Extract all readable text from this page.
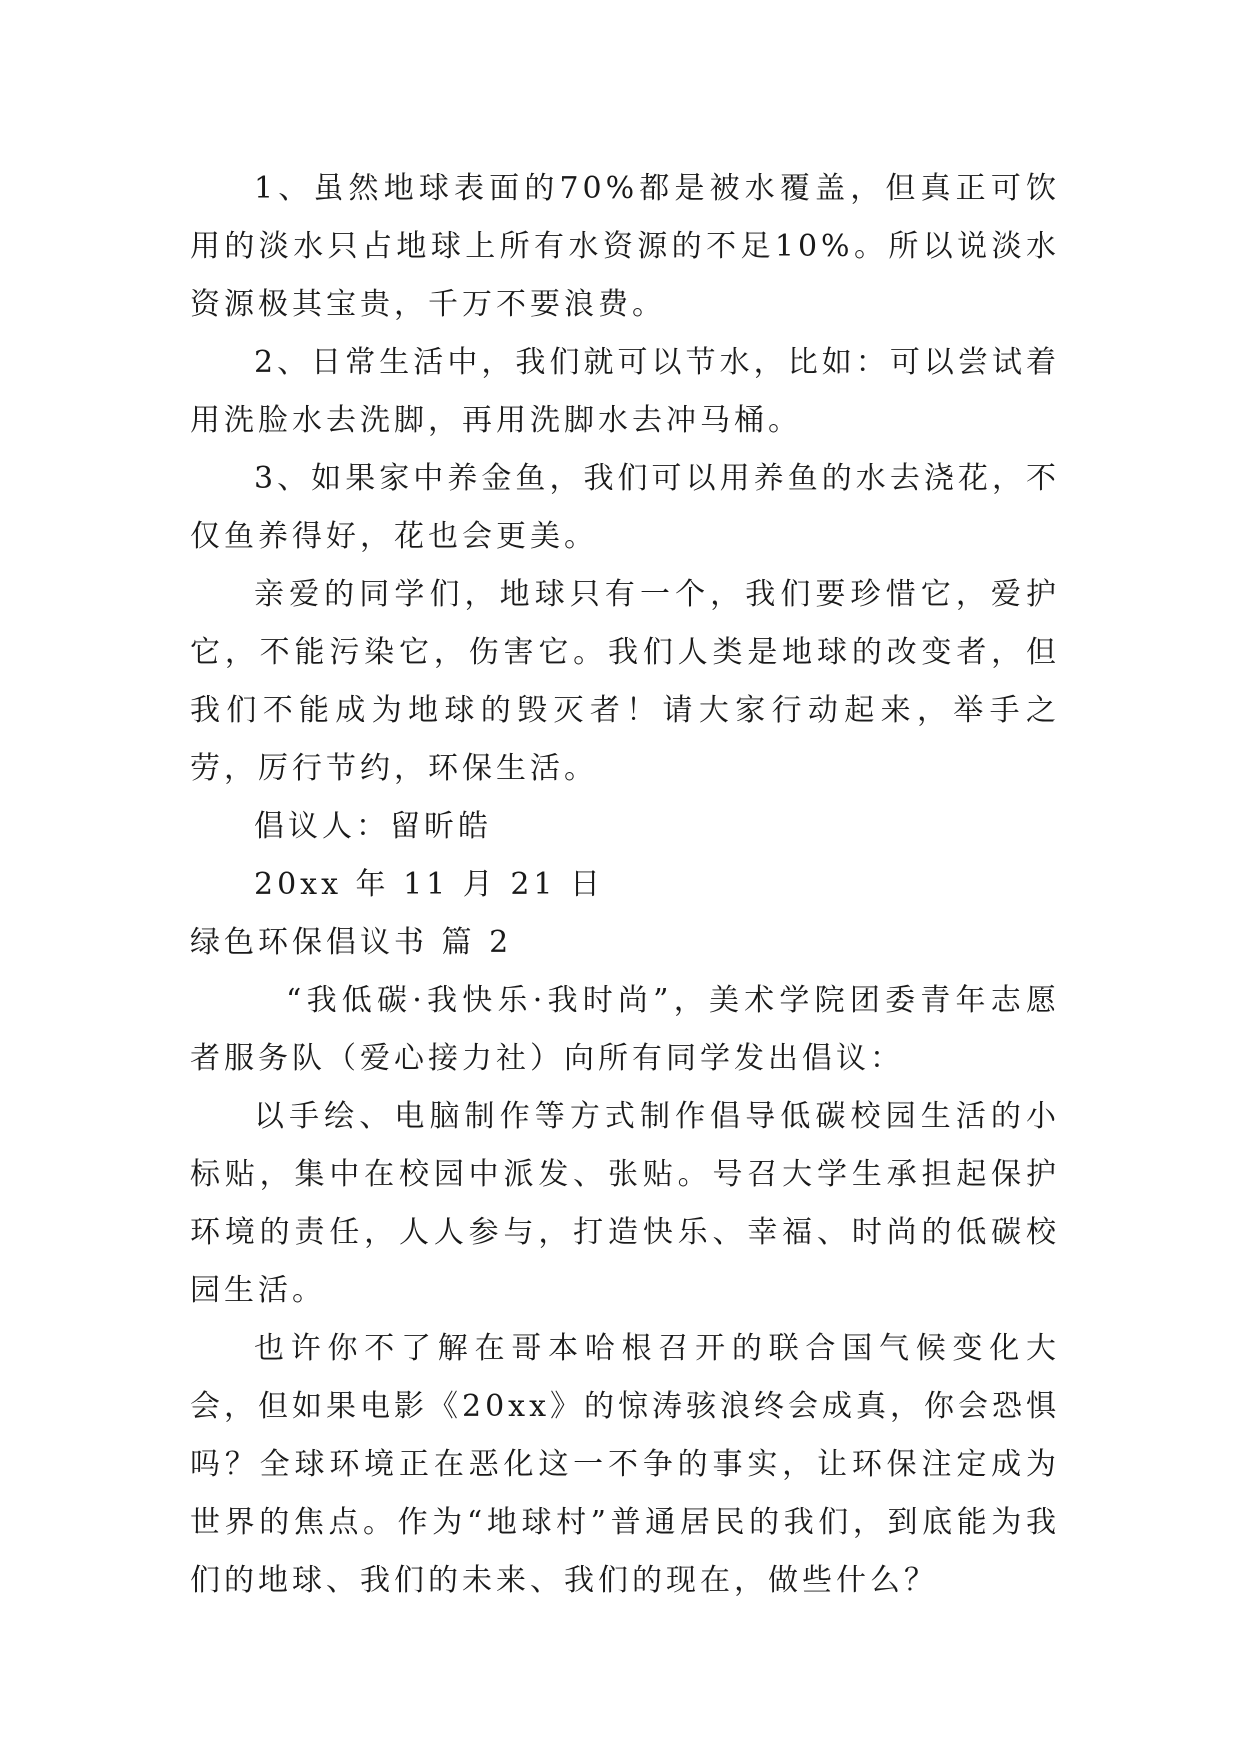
1、虽然地球表面的70%都是被水覆盖，但真正可饮用的淡水只占地球上所有水资源的不足10%。所以说淡水资源极其宝贵，千万不要浪费。

2、日常生活中，我们就可以节水，比如：可以尝试着用洗脸水去洗脚，再用洗脚水去冲马桶。

3、如果家中养金鱼，我们可以用养鱼的水去浇花，不仅鱼养得好，花也会更美。

亲爱的同学们，地球只有一个，我们要珍惜它，爱护它，不能污染它，伤害它。我们人类是地球的改变者，但我们不能成为地球的毁灭者！请大家行动起来，举手之劳，厉行节约，环保生活。

倡议人：留昕皓

20xx 年 11 月 21 日

绿色环保倡议书 篇 2

“我低碳·我快乐·我时尚”，美术学院团委青年志愿者服务队（爱心接力社）向所有同学发出倡议：

以手绘、电脑制作等方式制作倡导低碳校园生活的小标贴，集中在校园中派发、张贴。号召大学生承担起保护环境的责任，人人参与，打造快乐、幸福、时尚的低碳校园生活。

也许你不了解在哥本哈根召开的联合国气候变化大会，但如果电影《20xx》的惊涛骇浪终会成真，你会恐惧吗？全球环境正在恶化这一不争的事实，让环保注定成为世界的焦点。作为“地球村”普通居民的我们，到底能为我们的地球、我们的未来、我们的现在，做些什么？
